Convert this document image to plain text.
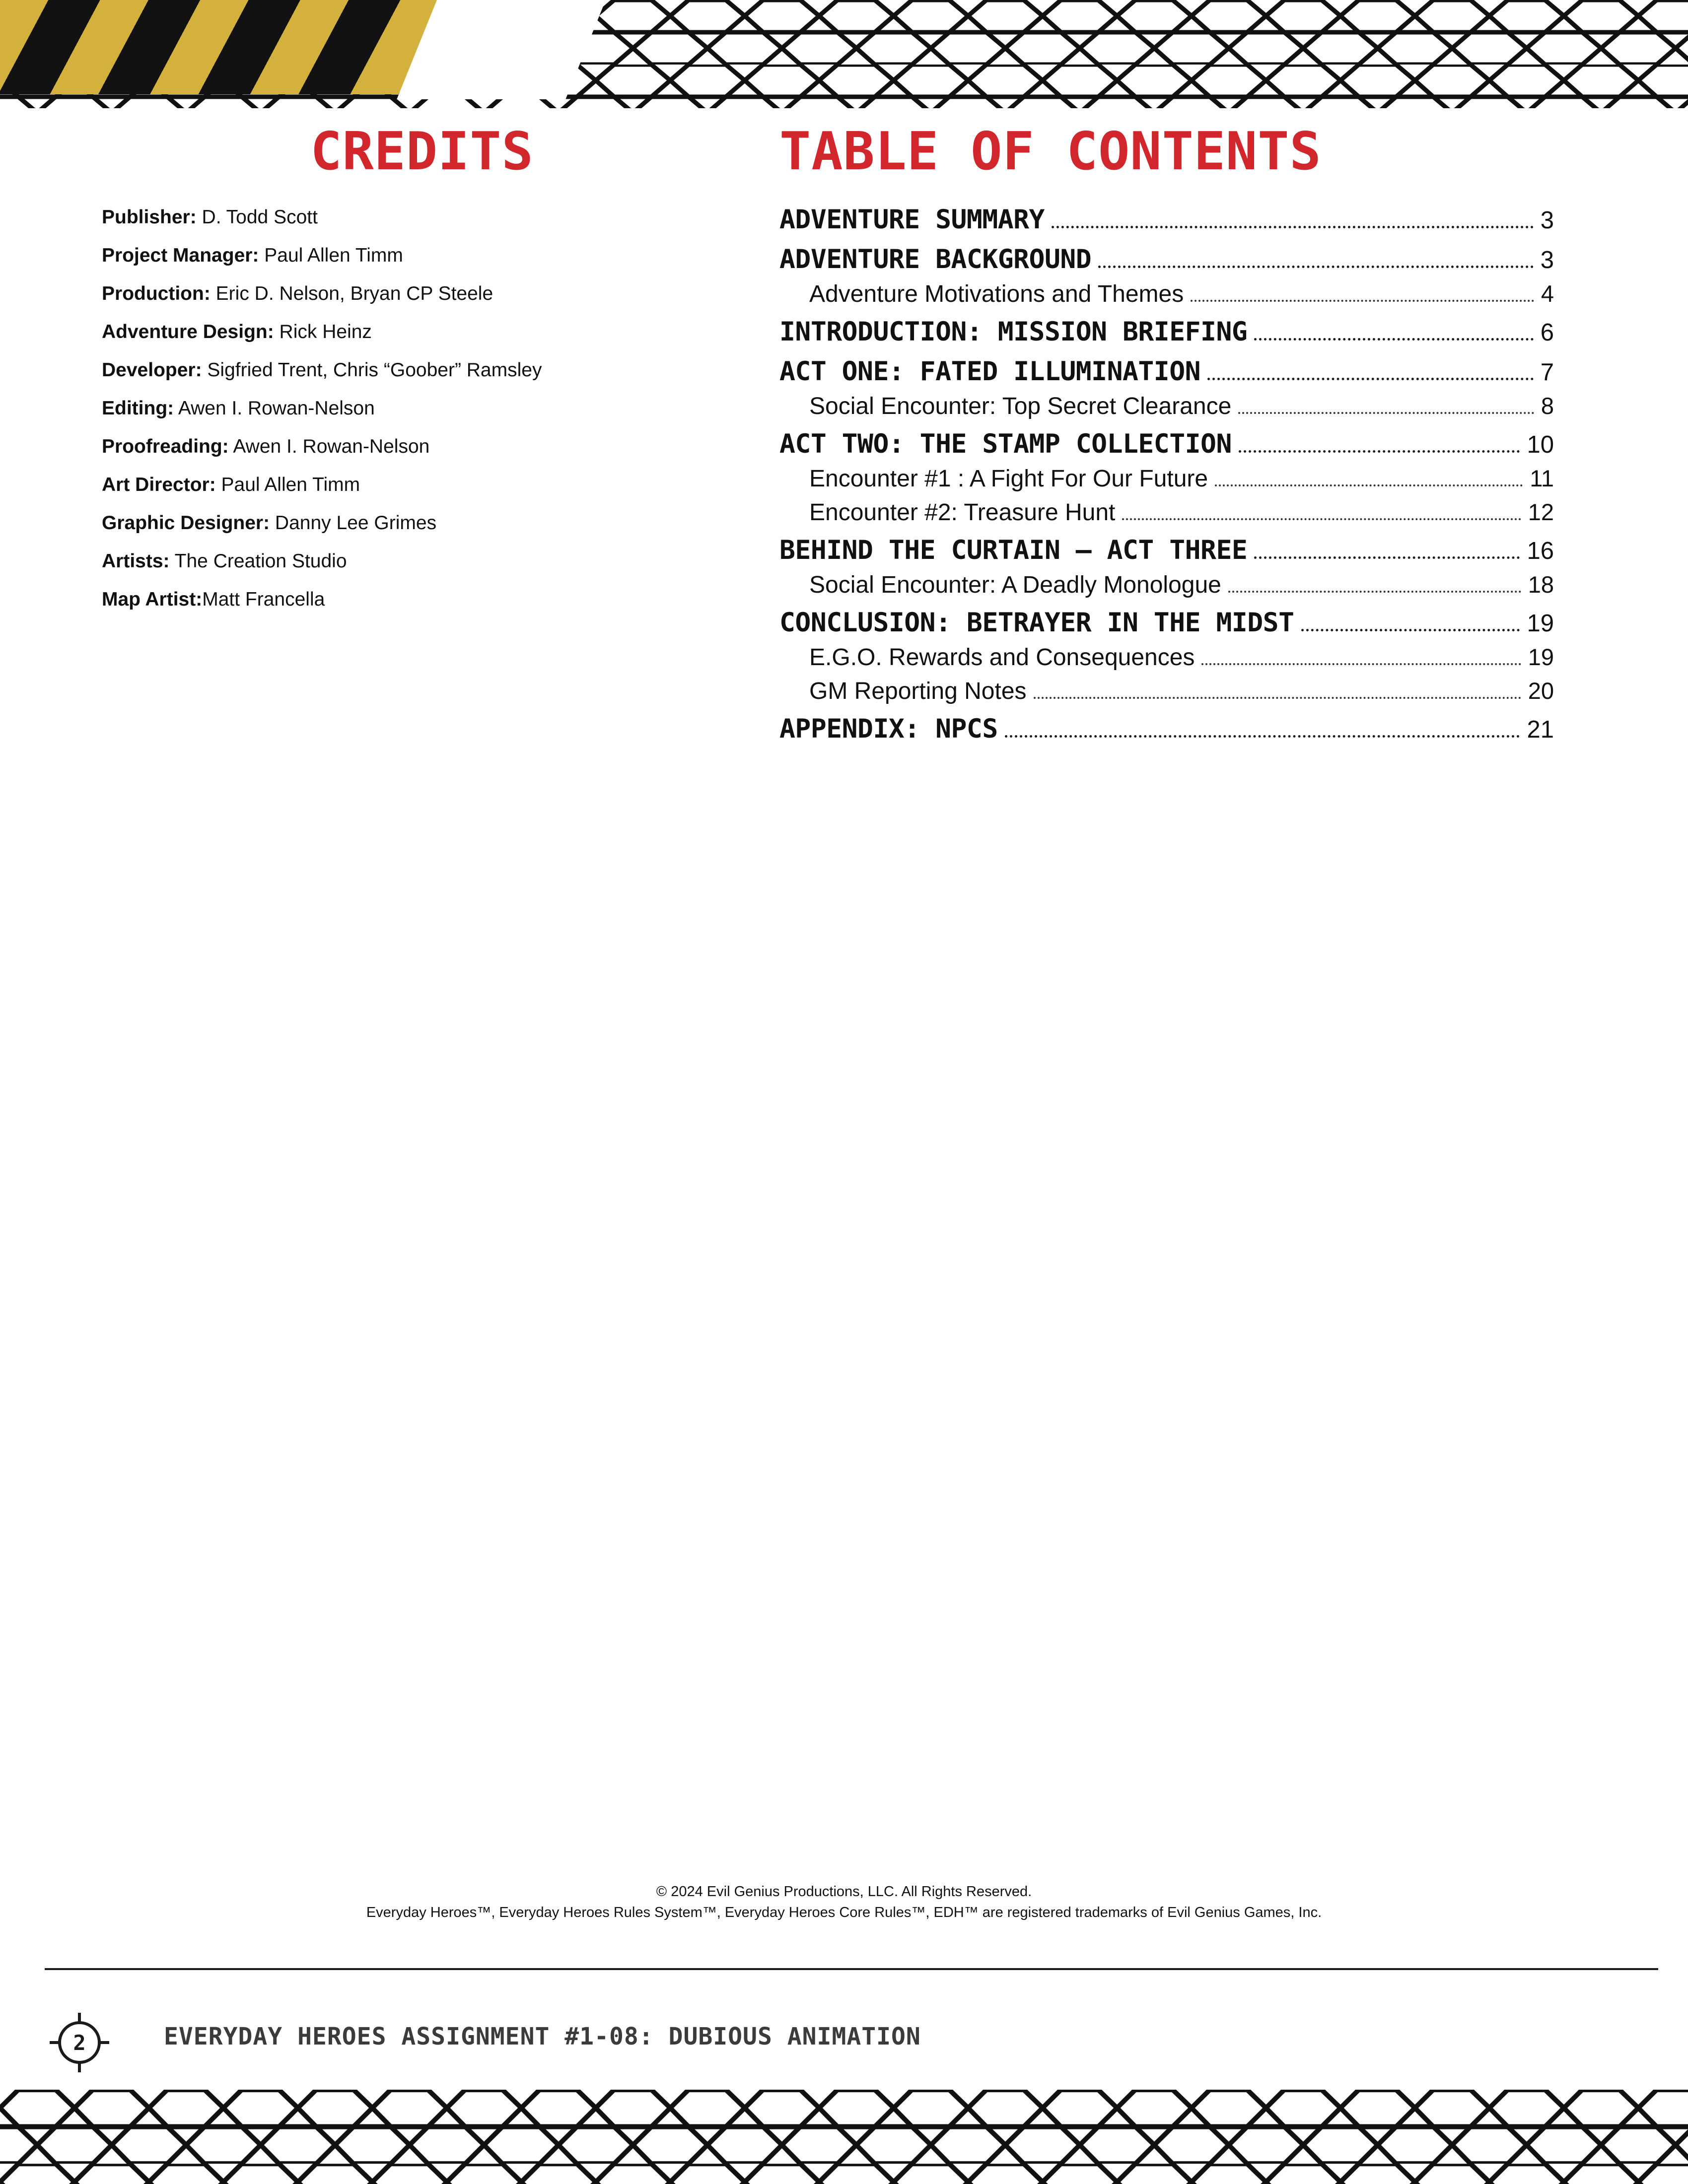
CREDITS
Publisher: D. Todd Scott
Project Manager: Paul Allen Timm
Production: Eric D. Nelson, Bryan CP Steele
Adventure Design: Rick Heinz
Developer: Sigfried Trent, Chris “Goober” Ramsley
Editing: Awen I. Rowan-Nelson
Proofreading: Awen I. Rowan-Nelson
Art Director: Paul Allen Timm
Graphic Designer: Danny Lee Grimes
Artists: The Creation Studio
Map Artist:Matt Francella
TABLE OF CONTENTS
ADVENTURE SUMMARY	3
ADVENTURE BACKGROUND	3
Adventure Motivations and Themes	4
INTRODUCTION: MISSION BRIEFING	6
ACT ONE: FATED ILLUMINATION	7
Social Encounter: Top Secret Clearance	8
ACT TWO: THE STAMP COLLECTION	10
Encounter #1 : A Fight For Our Future	11
Encounter #2: Treasure Hunt	12
BEHIND THE CURTAIN – ACT THREE	16
Social Encounter: A Deadly Monologue	18
CONCLUSION: BETRAYER IN THE MIDST	19
E.G.O. Rewards and Consequences	19
GM Reporting Notes	20
APPENDIX: NPCS	21
© 2024 Evil Genius Productions, LLC. All Rights Reserved.
Everyday Heroes™, Everyday Heroes Rules System™, Everyday Heroes Core Rules™, EDH™ are registered trademarks of Evil Genius Games, Inc.
2	EVERYDAY HEROES ASSIGNMENT #1-08: DUBIOUS ANIMATION
